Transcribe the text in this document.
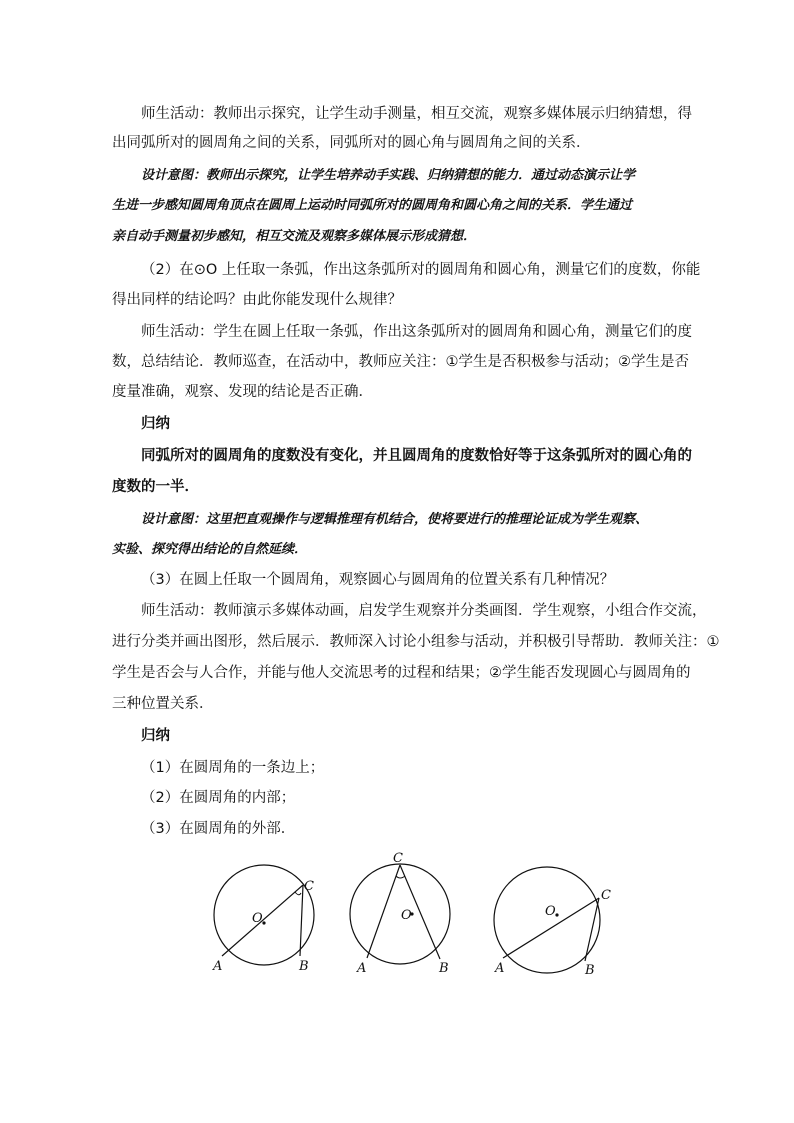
师生活动：教师出示探究，让学生动手测量，相互交流，观察多媒体展示归纳猜想，得

出同弧所对的圆周角之间的关系，同弧所对的圆心角与圆周角之间的关系．

设计意图：教师出示探究，让学生培养动手实践、归纳猜想的能力．通过动态演示让学

生进一步感知圆周角顶点在圆周上运动时同弧所对的圆周角和圆心角之间的关系．学生通过

亲自动手测量初步感知，相互交流及观察多媒体展示形成猜想．

（2）在⊙O 上任取一条弧，作出这条弧所对的圆周角和圆心角，测量它们的度数，你能

得出同样的结论吗？由此你能发现什么规律？

师生活动：学生在圆上任取一条弧，作出这条弧所对的圆周角和圆心角，测量它们的度

数，总结结论．教师巡查，在活动中，教师应关注：①学生是否积极参与活动；②学生是否

度量准确，观察、发现的结论是否正确．

归纳

同弧所对的圆周角的度数没有变化，并且圆周角的度数恰好等于这条弧所对的圆心角的

度数的一半．

设计意图：这里把直观操作与逻辑推理有机结合，使将要进行的推理论证成为学生观察、

实验、探究得出结论的自然延续．

（3）在圆上任取一个圆周角，观察圆心与圆周角的位置关系有几种情况？

师生活动：教师演示多媒体动画，启发学生观察并分类画图．学生观察，小组合作交流，

进行分类并画出图形，然后展示．教师深入讨论小组参与活动，并积极引导帮助．教师关注：①

学生是否会与人合作，并能与他人交流思考的过程和结果；②学生能否发现圆心与圆周角的

三种位置关系．

归纳

（1）在圆周角的一条边上；

（2）在圆周角的内部；

（3）在圆周角的外部．

O
A	B
C
O
A	B
C
O
A	B
C
